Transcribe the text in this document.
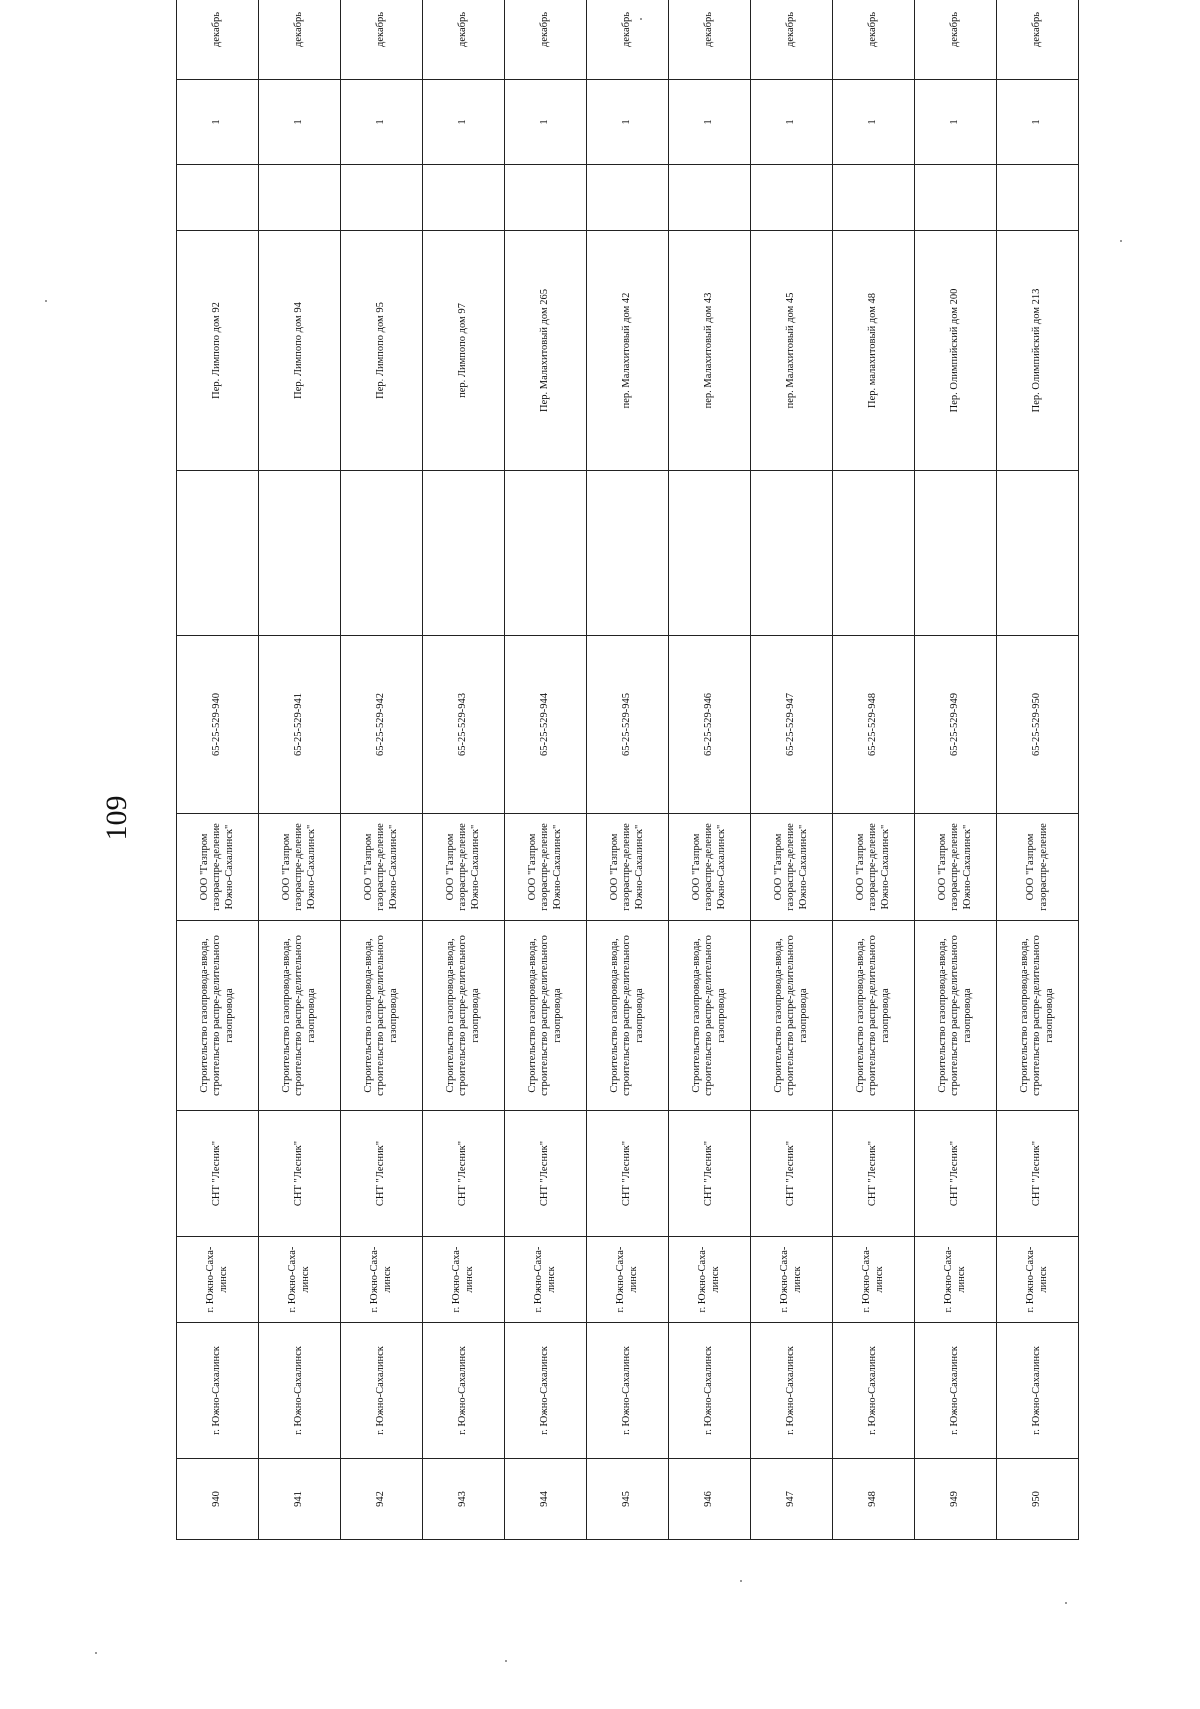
109
940	г. Южно-Сахалинск	г. Южно-Саха-линск	СНТ "Лесник"	Строительство газопровода-ввода, строительство распре-делительного газопровода	ООО "Газпром газораспре-деление Южно-Сахалинск"	65-25-529-940		Пер. Лимпопо дом 92		1	декабрь	
941	г. Южно-Сахалинск	г. Южно-Саха-линск	СНТ "Лесник"	Строительство газопровода-ввода, строительство распре-делительного газопровода	ООО "Газпром газораспре-деление Южно-Сахалинск"	65-25-529-941		Пер. Лимпопо дом 94		1	декабрь	
942	г. Южно-Сахалинск	г. Южно-Саха-линск	СНТ "Лесник"	Строительство газопровода-ввода, строительство распре-делительного газопровода	ООО "Газпром газораспре-деление Южно-Сахалинск"	65-25-529-942		Пер. Лимпопо дом 95		1	декабрь	
943	г. Южно-Сахалинск	г. Южно-Саха-линск	СНТ "Лесник"	Строительство газопровода-ввода, строительство распре-делительного газопровода	ООО "Газпром газораспре-деление Южно-Сахалинск"	65-25-529-943		пер. Лимпопо дом 97		1	декабрь	
944	г. Южно-Сахалинск	г. Южно-Саха-линск	СНТ "Лесник"	Строительство газопровода-ввода, строительство распре-делительного газопровода	ООО "Газпром газораспре-деление Южно-Сахалинск"	65-25-529-944		Пер. Малахитовый дом 265		1	декабрь	
945	г. Южно-Сахалинск	г. Южно-Саха-линск	СНТ "Лесник"	Строительство газопровода-ввода, строительство распре-делительного газопровода	ООО "Газпром газораспре-деление Южно-Сахалинск"	65-25-529-945		пер. Малахитовый дом 42		1	декабрь	
946	г. Южно-Сахалинск	г. Южно-Саха-линск	СНТ "Лесник"	Строительство газопровода-ввода, строительство распре-делительного газопровода	ООО "Газпром газораспре-деление Южно-Сахалинск"	65-25-529-946		пер. Малахитовый дом 43		1	декабрь	
947	г. Южно-Сахалинск	г. Южно-Саха-линск	СНТ "Лесник"	Строительство газопровода-ввода, строительство распре-делительного газопровода	ООО "Газпром газораспре-деление Южно-Сахалинск"	65-25-529-947		пер. Малахитовый дом 45		1	декабрь	
948	г. Южно-Сахалинск	г. Южно-Саха-линск	СНТ "Лесник"	Строительство газопровода-ввода, строительство распре-делительного газопровода	ООО "Газпром газораспре-деление Южно-Сахалинск"	65-25-529-948		Пер. малахитовый дом 48		1	декабрь	
949	г. Южно-Сахалинск	г. Южно-Саха-линск	СНТ "Лесник"	Строительство газопровода-ввода, строительство распре-делительного газопровода	ООО "Газпром газораспре-деление Южно-Сахалинск"	65-25-529-949		Пер. Олимпийский дом 200		1	декабрь	
950	г. Южно-Сахалинск	г. Южно-Саха-линск	СНТ "Лесник"	Строительство газопровода-ввода, строительство распре-делительного газопровода	ООО "Газпром газораспре-деление	65-25-529-950		Пер. Олимпийский дом 213		1	декабрь	
